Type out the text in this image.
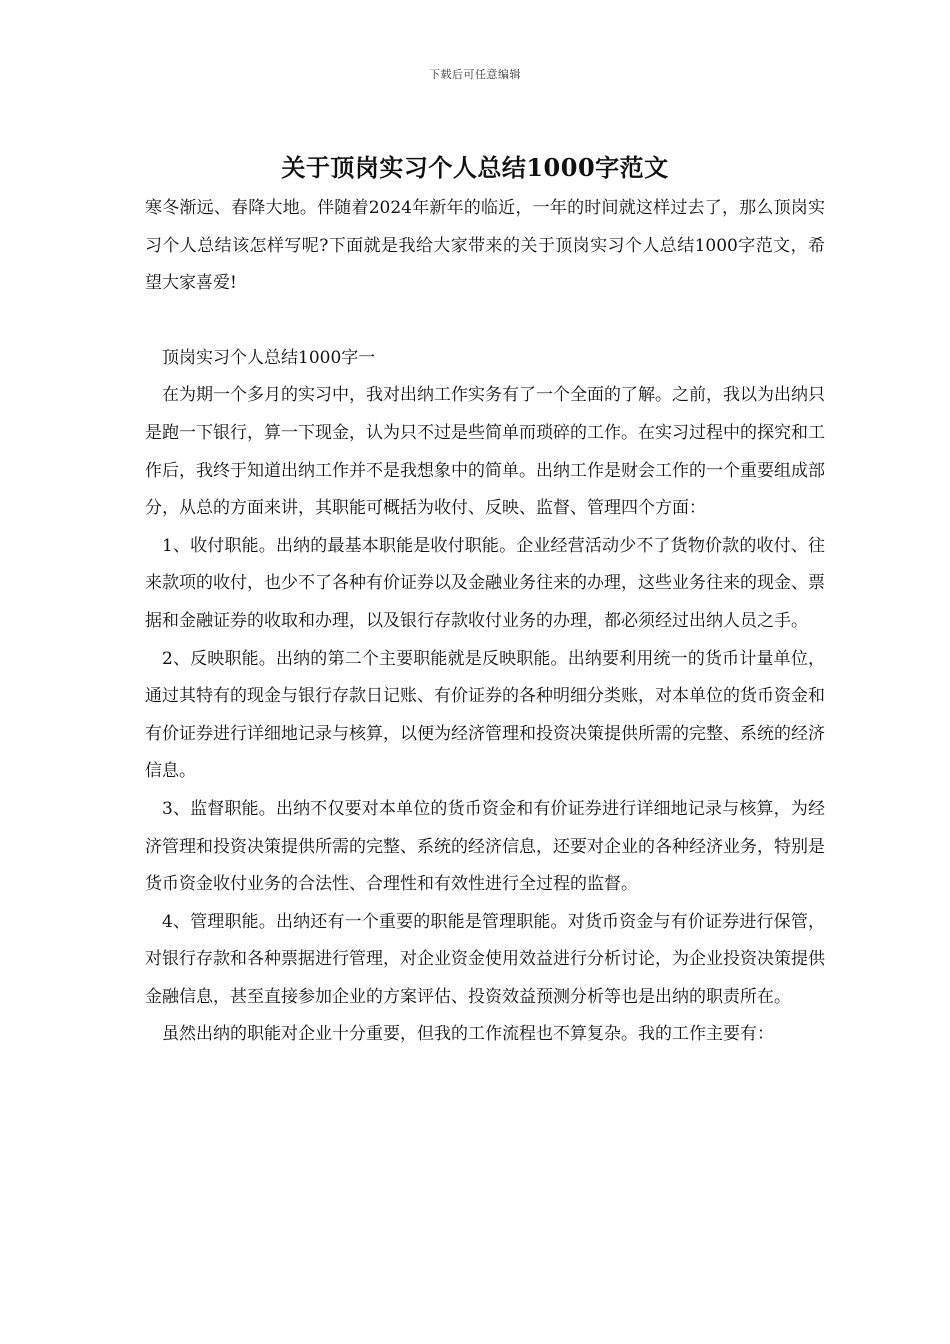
下载后可任意编辑
关于顶岗实习个人总结1000字范文

寒冬渐远、春降大地。伴随着2024年新年的临近，一年的时间就这样过去了，那么顶岗实习个人总结该怎样写呢?下面就是我给大家带来的关于顶岗实习个人总结1000字范文，希望大家喜爱!

顶岗实习个人总结1000字一

在为期一个多月的实习中，我对出纳工作实务有了一个全面的了解。之前，我以为出纳只是跑一下银行，算一下现金，认为只不过是些简单而琐碎的工作。在实习过程中的探究和工作后，我终于知道出纳工作并不是我想象中的简单。出纳工作是财会工作的一个重要组成部分，从总的方面来讲，其职能可概括为收付、反映、监督、管理四个方面：

1、收付职能。出纳的最基本职能是收付职能。企业经营活动少不了货物价款的收付、往来款项的收付，也少不了各种有价证券以及金融业务往来的办理，这些业务往来的现金、票据和金融证券的收取和办理，以及银行存款收付业务的办理，都必须经过出纳人员之手。

2、反映职能。出纳的第二个主要职能就是反映职能。出纳要利用统一的货币计量单位，通过其特有的现金与银行存款日记账、有价证券的各种明细分类账，对本单位的货币资金和有价证券进行详细地记录与核算，以便为经济管理和投资决策提供所需的完整、系统的经济信息。

3、监督职能。出纳不仅要对本单位的货币资金和有价证券进行详细地记录与核算，为经济管理和投资决策提供所需的完整、系统的经济信息，还要对企业的各种经济业务，特别是货币资金收付业务的合法性、合理性和有效性进行全过程的监督。

4、管理职能。出纳还有一个重要的职能是管理职能。对货币资金与有价证券进行保管，对银行存款和各种票据进行管理，对企业资金使用效益进行分析讨论，为企业投资决策提供金融信息，甚至直接参加企业的方案评估、投资效益预测分析等也是出纳的职责所在。

虽然出纳的职能对企业十分重要，但我的工作流程也不算复杂。我的工作主要有：
